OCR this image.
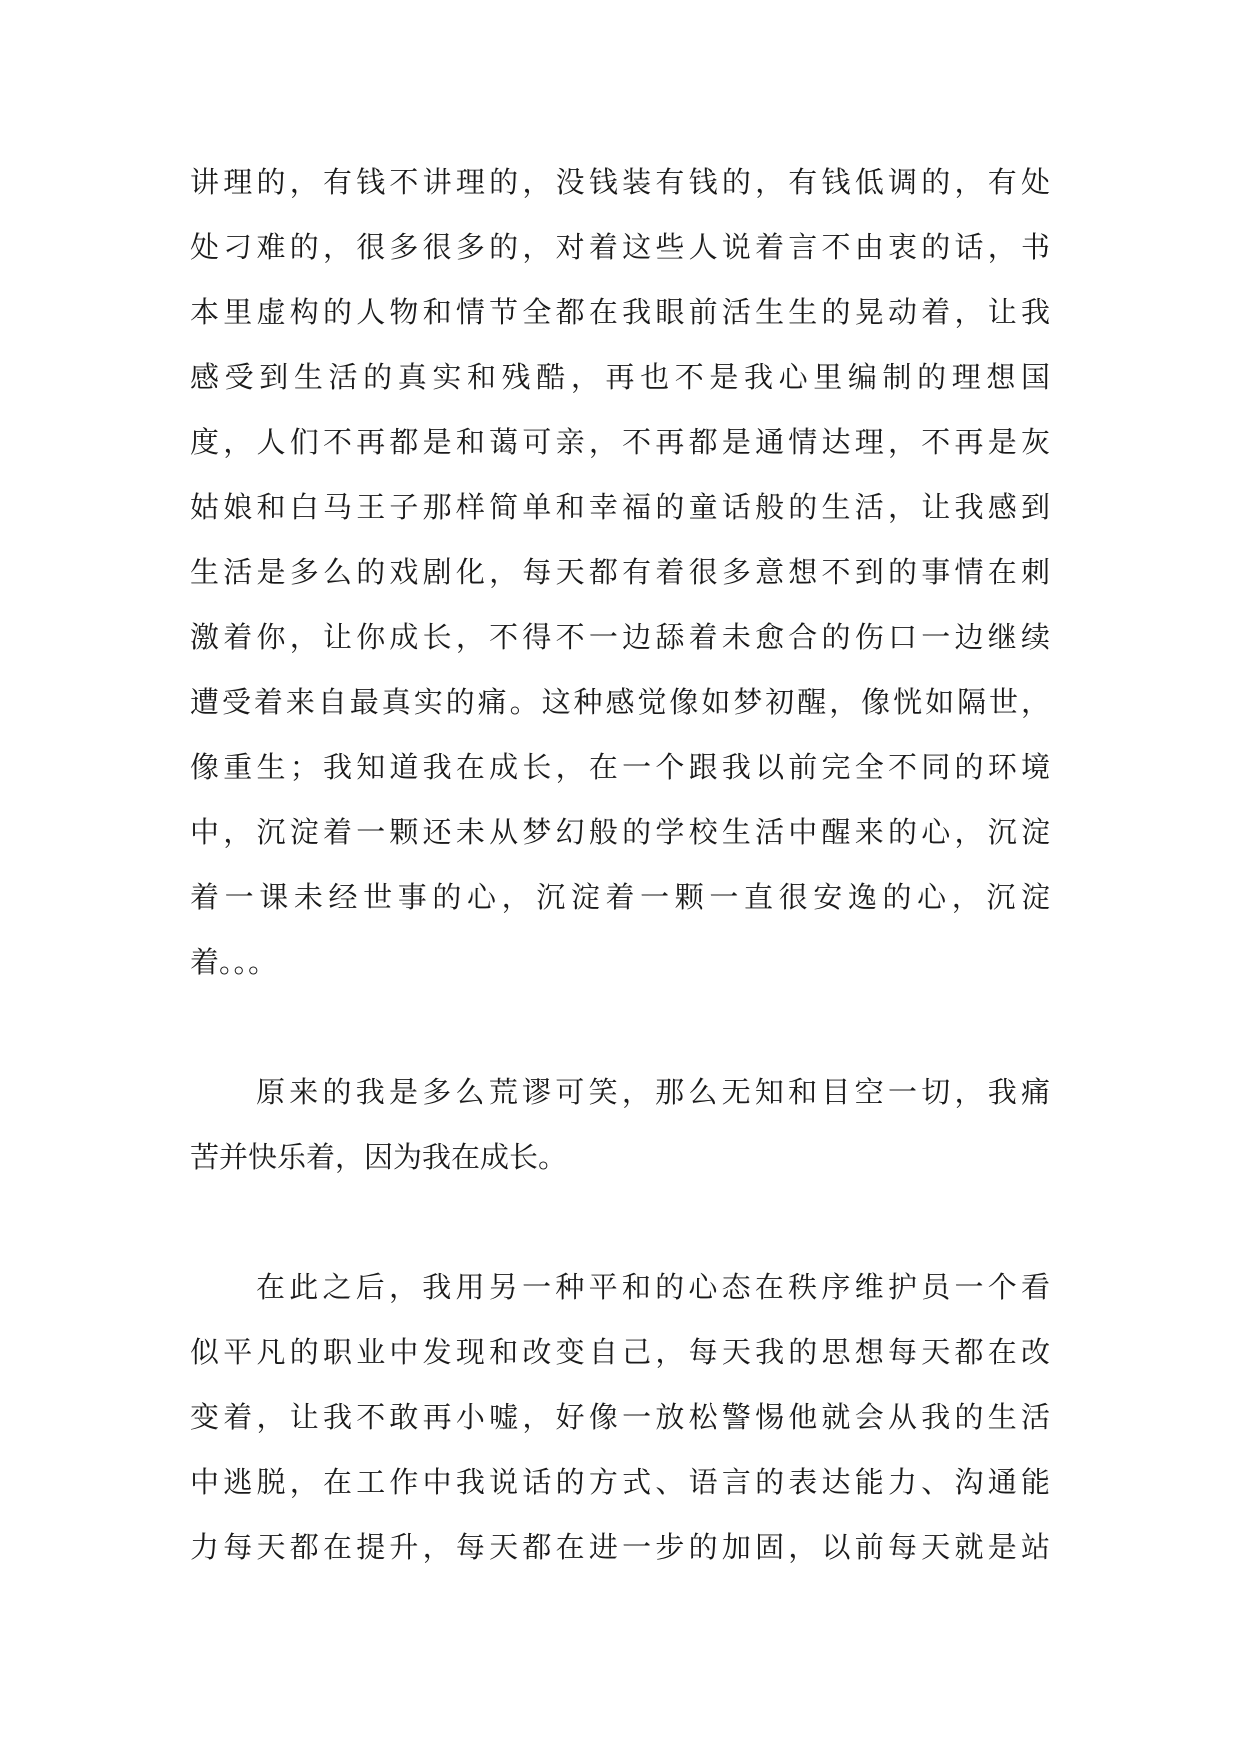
讲理的，有钱不讲理的，没钱装有钱的，有钱低调的，有处
处刁难的，很多很多的，对着这些人说着言不由衷的话，书
本里虚构的人物和情节全都在我眼前活生生的晃动着，让我
感受到生活的真实和残酷，再也不是我心里编制的理想国
度，人们不再都是和蔼可亲，不再都是通情达理，不再是灰
姑娘和白马王子那样简单和幸福的童话般的生活，让我感到
生活是多么的戏剧化，每天都有着很多意想不到的事情在刺
激着你，让你成长，不得不一边舔着未愈合的伤口一边继续
遭受着来自最真实的痛。这种感觉像如梦初醒，像恍如隔世，
像重生；我知道我在成长，在一个跟我以前完全不同的环境
中，沉淀着一颗还未从梦幻般的学校生活中醒来的心，沉淀
着一课未经世事的心，沉淀着一颗一直很安逸的心，沉淀
着。。。
原来的我是多么荒谬可笑，那么无知和目空一切，我痛
苦并快乐着，因为我在成长。
在此之后，我用另一种平和的心态在秩序维护员一个看
似平凡的职业中发现和改变自己，每天我的思想每天都在改
变着，让我不敢再小嘘，好像一放松警惕他就会从我的生活
中逃脱，在工作中我说话的方式、语言的表达能力、沟通能
力每天都在提升，每天都在进一步的加固，以前每天就是站
